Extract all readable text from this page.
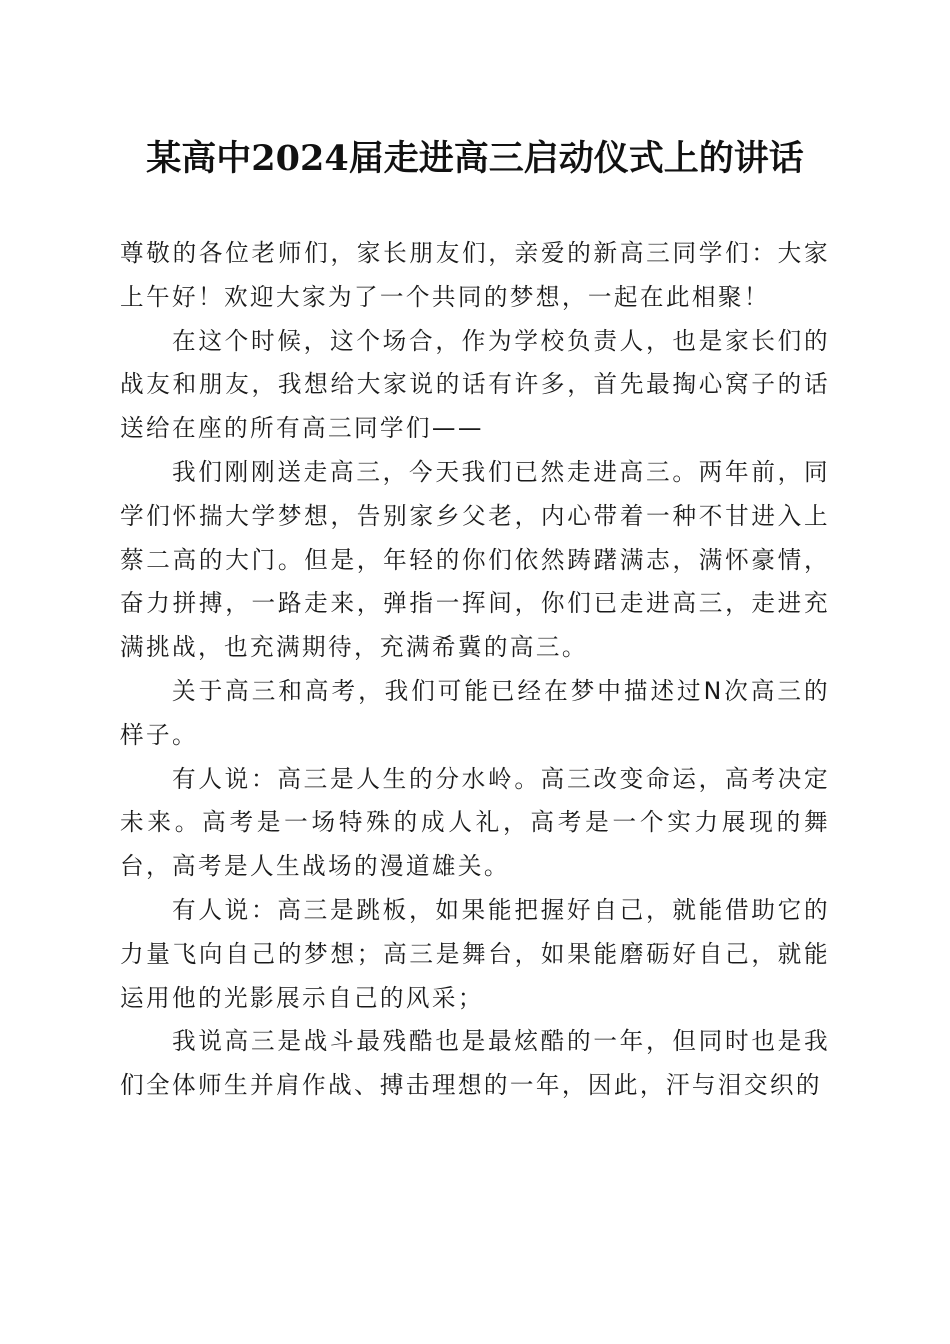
某高中2024届走进高三启动仪式上的讲话

尊敬的各位老师们，家长朋友们，亲爱的新高三同学们：大家上午好！欢迎大家为了一个共同的梦想，一起在此相聚！

在这个时候，这个场合，作为学校负责人，也是家长们的战友和朋友，我想给大家说的话有许多，首先最掏心窝子的话送给在座的所有高三同学们——

我们刚刚送走高三，今天我们已然走进高三。两年前，同学们怀揣大学梦想，告别家乡父老，内心带着一种不甘进入上蔡二高的大门。但是，年轻的你们依然踌躇满志，满怀豪情，奋力拼搏，一路走来，弹指一挥间，你们已走进高三，走进充满挑战，也充满期待，充满希冀的高三。

关于高三和高考，我们可能已经在梦中描述过N次高三的样子。

有人说：高三是人生的分水岭。高三改变命运，高考决定未来。高考是一场特殊的成人礼，高考是一个实力展现的舞台，高考是人生战场的漫道雄关。

有人说：高三是跳板，如果能把握好自己，就能借助它的力量飞向自己的梦想；高三是舞台，如果能磨砺好自己，就能运用他的光影展示自己的风采；

我说高三是战斗最残酷也是最炫酷的一年，但同时也是我们全体师生并肩作战、搏击理想的一年，因此，汗与泪交织的
